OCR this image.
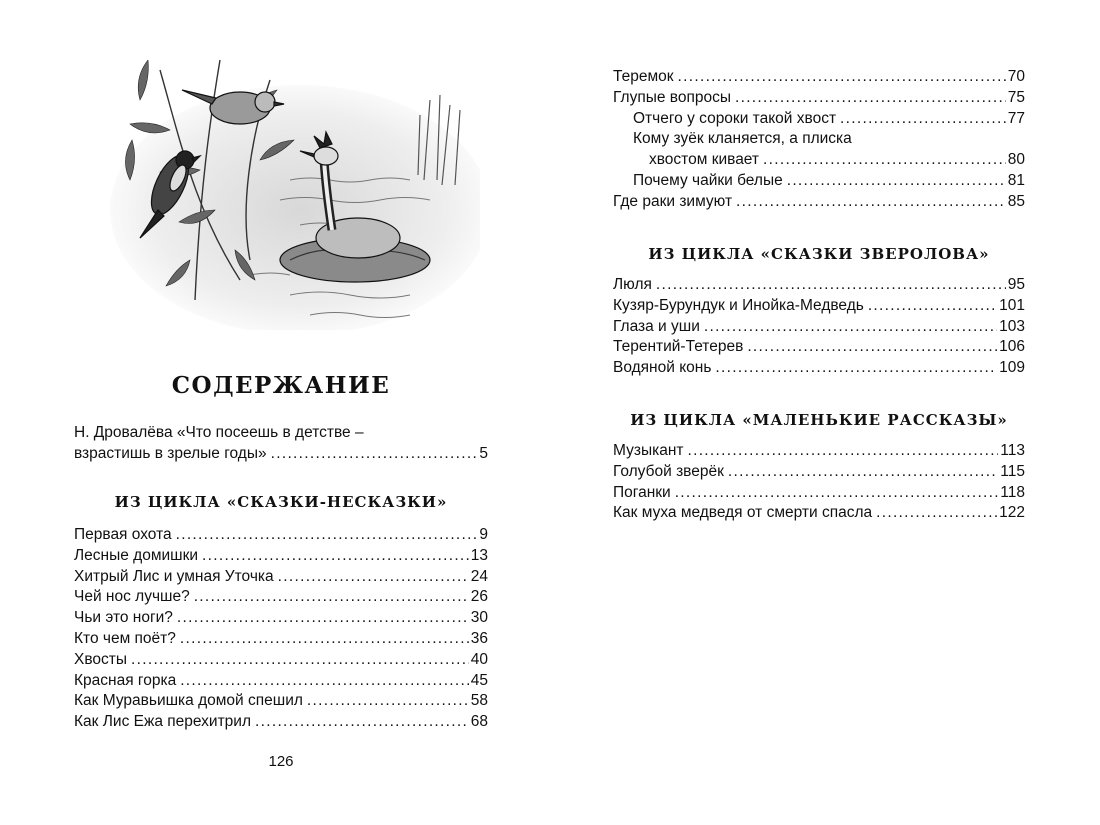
СОДЕРЖАНИЕ
Н. Дровалёва «Что посеешь в детстве –
взрастишь в зрелые годы» .....	5
ИЗ ЦИКЛА «СКАЗКИ-НЕСКАЗКИ»
Первая охота .....	9
Лесные домишки .....	13
Хитрый Лис и умная Уточка .....	24
Чей нос лучше? .....	26
Чьи это ноги? .....	30
Кто чем поёт? .....	36
Хвосты .....	40
Красная горка .....	45
Как Муравьишка домой спешил .....	58
Как Лис Ежа перехитрил .....	68
126
Теремок .....	70
Глупые вопросы .....	75
Отчего у сороки такой хвост .....	77
Кому зуёк кланяется, а плиска
хвостом кивает .....	80
Почему чайки белые .....	81
Где раки зимуют .....	85
ИЗ ЦИКЛА «СКАЗКИ ЗВЕРОЛОВА»
Люля .....	95
Кузяр-Бурундук и Инойка-Медведь .....	101
Глаза и уши .....	103
Терентий-Тетерев .....	106
Водяной конь .....	109
ИЗ ЦИКЛА «МАЛЕНЬКИЕ РАССКАЗЫ»
Музыкант .....	113
Голубой зверёк .....	115
Поганки .....	118
Как муха медведя от смерти спасла .....	122
